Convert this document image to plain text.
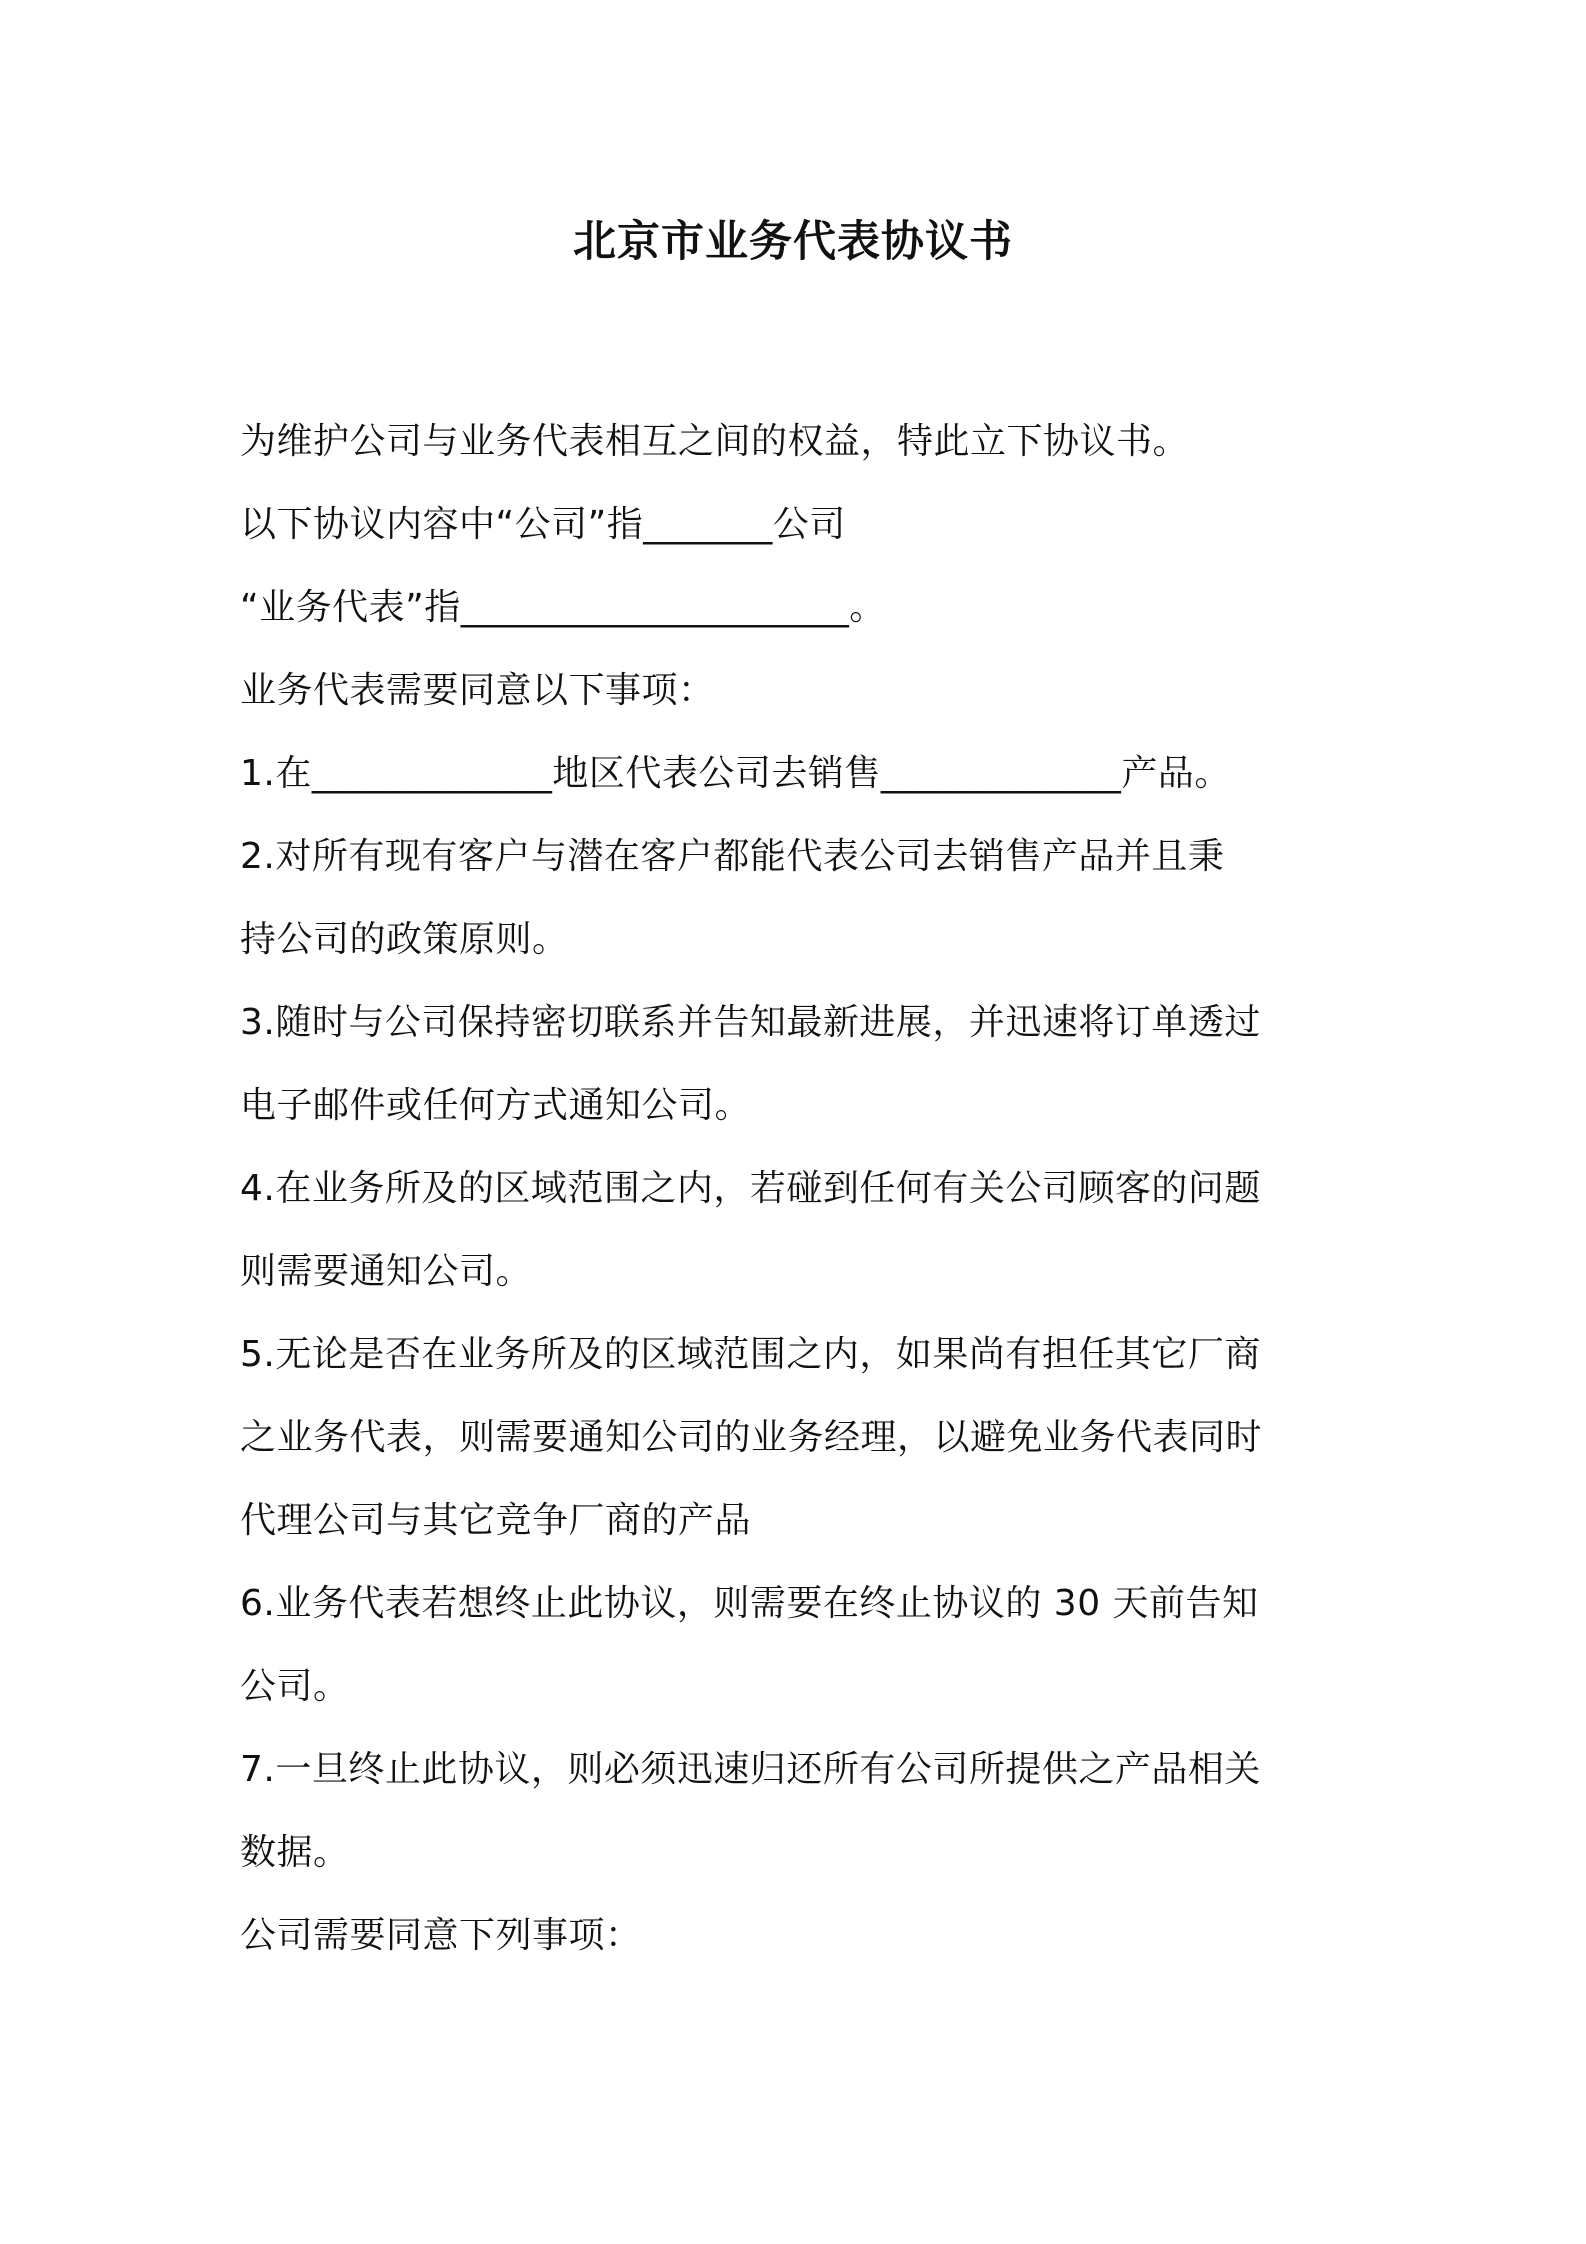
北京市业务代表协议书
为维护公司与业务代表相互之间的权益，特此立下协议书。
以下协议内容中“公司”指_______公司
“业务代表”指_____________________。
业务代表需要同意以下事项：
1.在_____________地区代表公司去销售_____________产品。
2.对所有现有客户与潜在客户都能代表公司去销售产品并且秉
持公司的政策原则。
3.随时与公司保持密切联系并告知最新进展，并迅速将订单透过
电子邮件或任何方式通知公司。
4.在业务所及的区域范围之内，若碰到任何有关公司顾客的问题
则需要通知公司。
5.无论是否在业务所及的区域范围之内，如果尚有担任其它厂商
之业务代表，则需要通知公司的业务经理，以避免业务代表同时
代理公司与其它竞争厂商的产品
6.业务代表若想终止此协议，则需要在终止协议的 30 天前告知
公司。
7.一旦终止此协议，则必须迅速归还所有公司所提供之产品相关
数据。
公司需要同意下列事项：
